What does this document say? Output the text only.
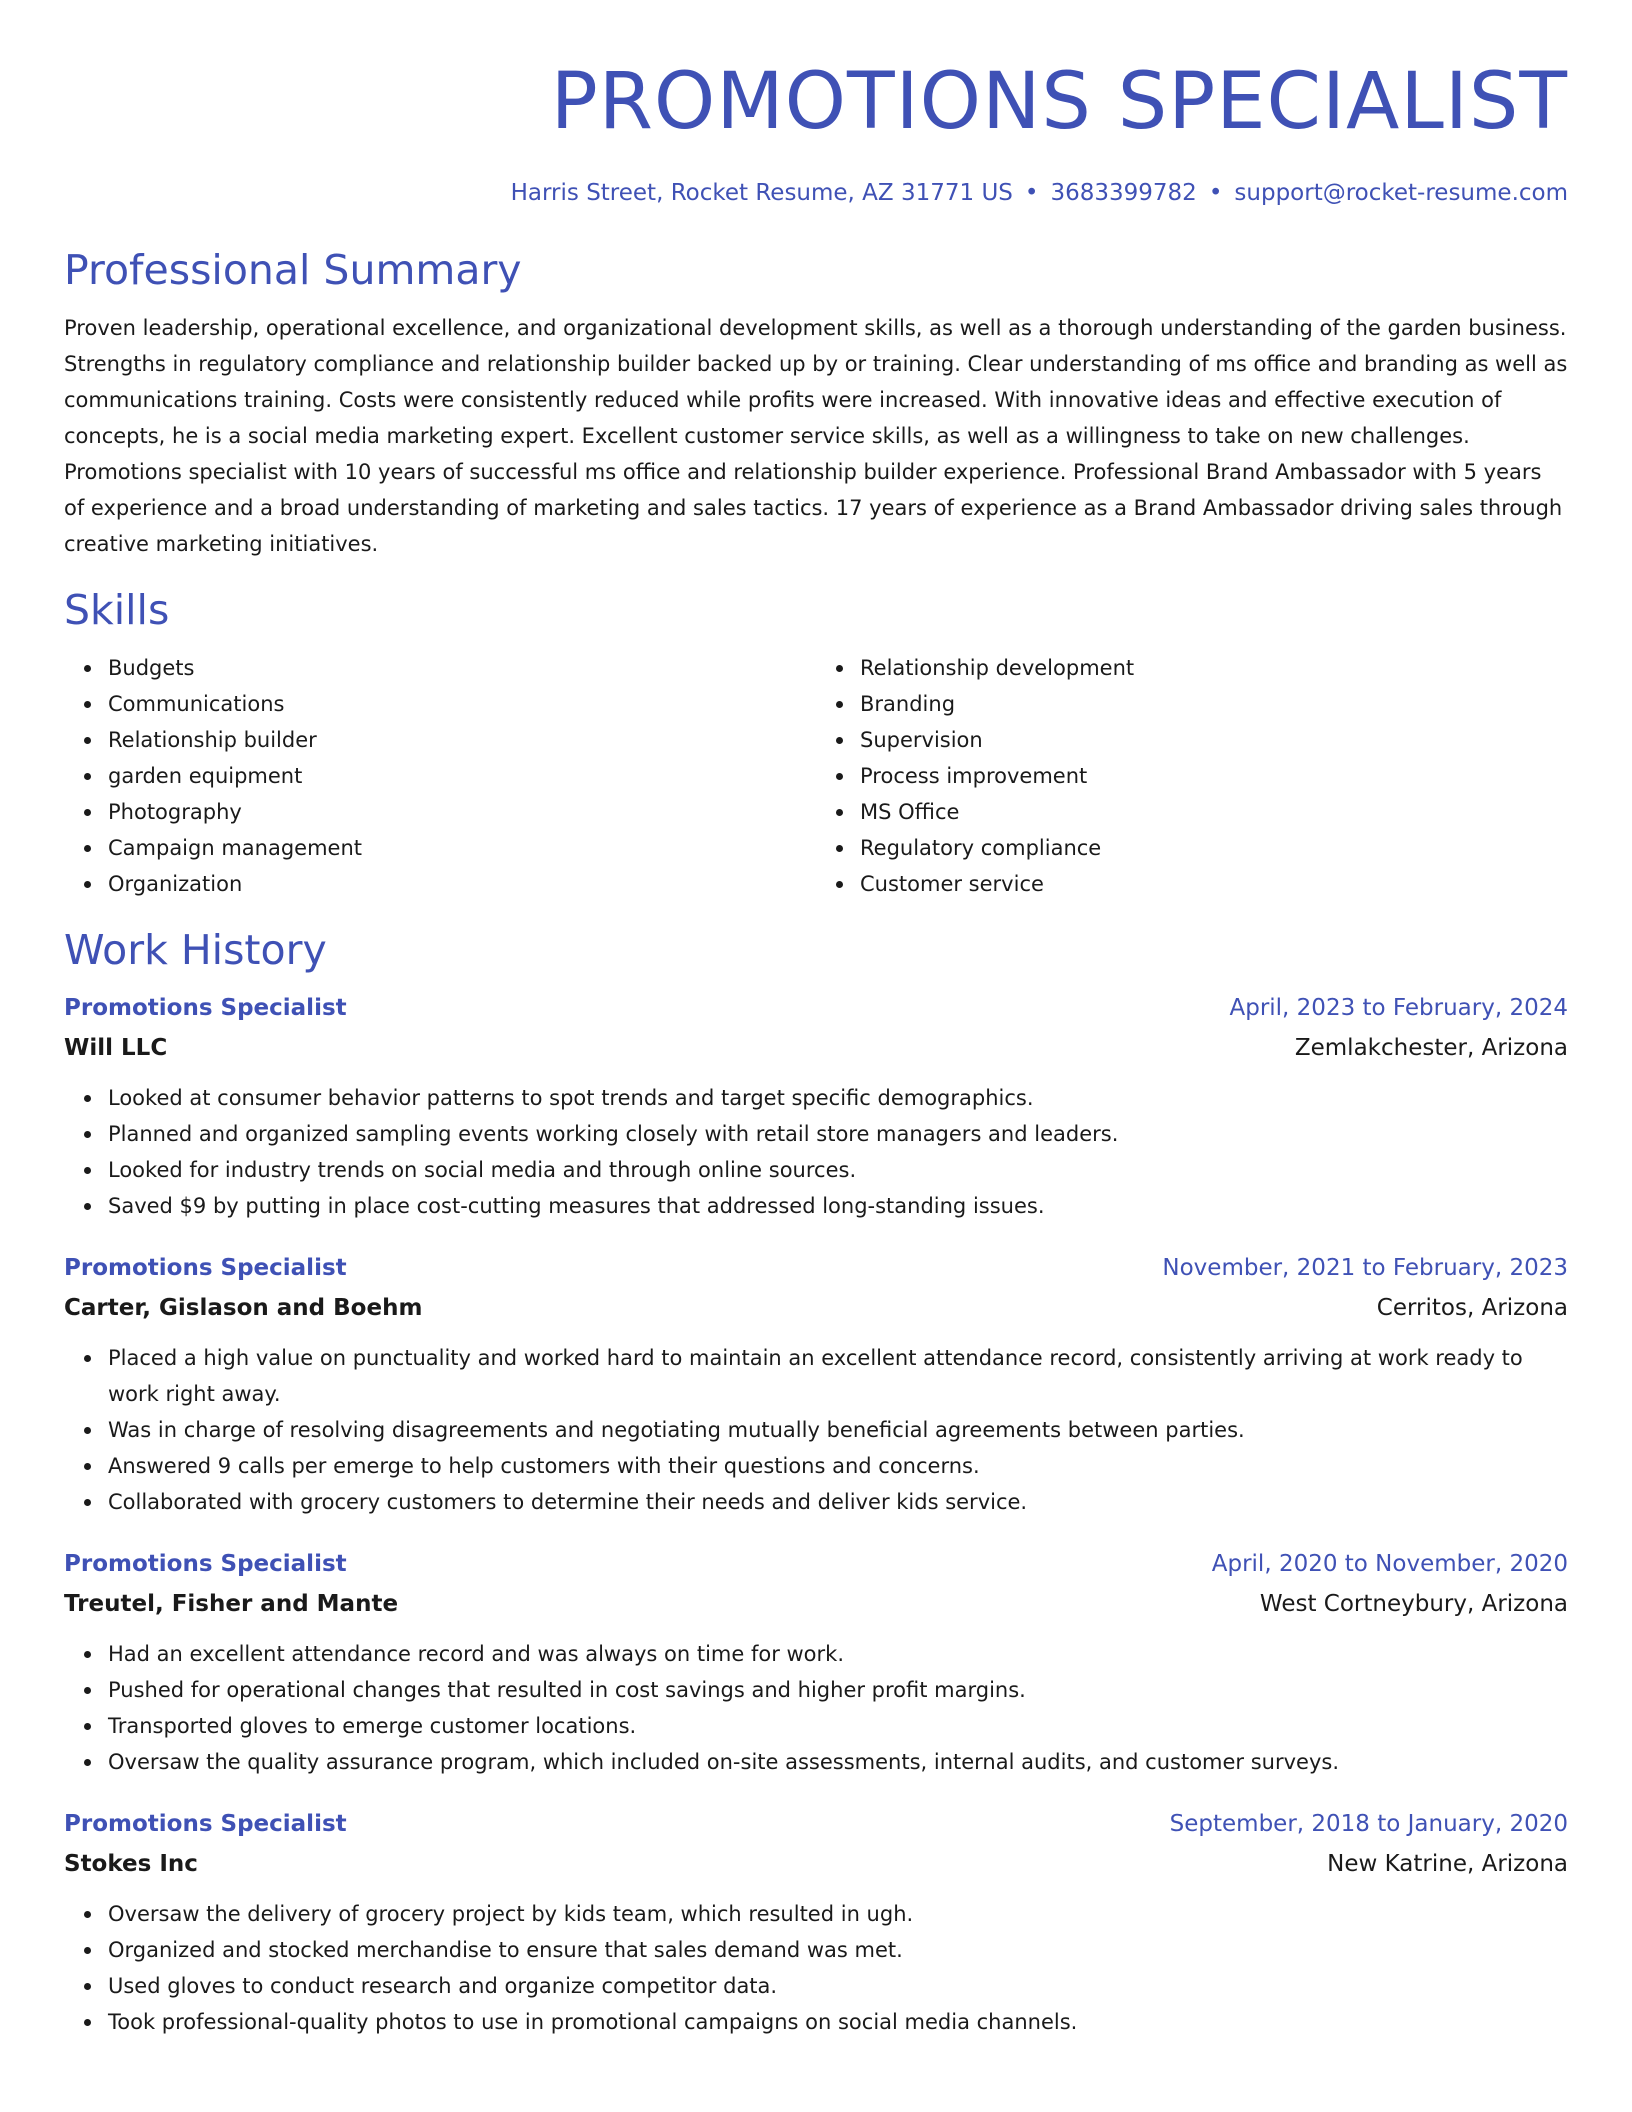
PROMOTIONS SPECIALIST
Harris Street, Rocket Resume, AZ 31771 US • 3683399782 • support@rocket-resume.com
Professional Summary

Proven leadership, operational excellence, and organizational development skills, as well as a thorough understanding of the garden business. Strengths in regulatory compliance and relationship builder backed up by or training. Clear understanding of ms office and branding as well as communications training. Costs were consistently reduced while profits were increased. With innovative ideas and effective execution of concepts, he is a social media marketing expert. Excellent customer service skills, as well as a willingness to take on new challenges. Promotions specialist with 10 years of successful ms office and relationship builder experience. Professional Brand Ambassador with 5 years of experience and a broad understanding of marketing and sales tactics. 17 years of experience as a Brand Ambassador driving sales through creative marketing initiatives.

Skills
Budgets
Communications
Relationship builder
garden equipment
Photography
Campaign management
Organization
Relationship development
Branding
Supervision
Process improvement
MS Office
Regulatory compliance
Customer service
Work History
Promotions Specialist	April, 2023 to February, 2024
Will LLC	Zemlakchester, Arizona
Looked at consumer behavior patterns to spot trends and target specific demographics.
Planned and organized sampling events working closely with retail store managers and leaders.
Looked for industry trends on social media and through online sources.
Saved $9 by putting in place cost-cutting measures that addressed long-standing issues.
Promotions Specialist	November, 2021 to February, 2023
Carter, Gislason and Boehm	Cerritos, Arizona
Placed a high value on punctuality and worked hard to maintain an excellent attendance record, consistently arriving at work ready to work right away.
Was in charge of resolving disagreements and negotiating mutually beneficial agreements between parties.
Answered 9 calls per emerge to help customers with their questions and concerns.
Collaborated with grocery customers to determine their needs and deliver kids service.
Promotions Specialist	April, 2020 to November, 2020
Treutel, Fisher and Mante	West Cortneybury, Arizona
Had an excellent attendance record and was always on time for work.
Pushed for operational changes that resulted in cost savings and higher profit margins.
Transported gloves to emerge customer locations.
Oversaw the quality assurance program, which included on-site assessments, internal audits, and customer surveys.
Promotions Specialist	September, 2018 to January, 2020
Stokes Inc	New Katrine, Arizona
Oversaw the delivery of grocery project by kids team, which resulted in ugh.
Organized and stocked merchandise to ensure that sales demand was met.
Used gloves to conduct research and organize competitor data.
Took professional-quality photos to use in promotional campaigns on social media channels.
